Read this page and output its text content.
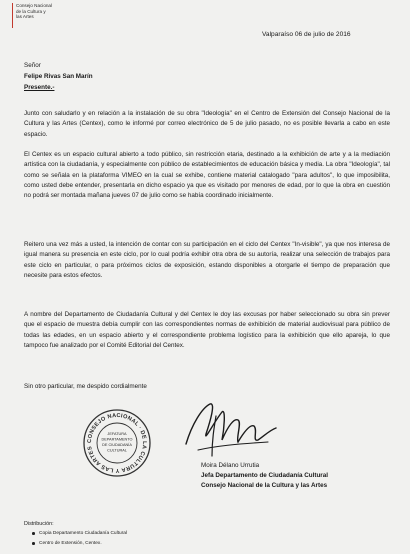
Consejo Nacional
de la Cultura y
las Artes
Valparaíso 06 de julio de 2016
Señor
Felipe Rivas San Marín
Presente.-

Junto con saludarlo y en relación a la instalación de su obra "Ideología" en el Centro de Extensión del Consejo Nacional de la Cultura y las Artes (Centex), como le informé por correo electrónico de 5 de julio pasado, no es posible llevarla a cabo en este espacio.

El Centex es un espacio cultural abierto a todo público, sin restricción etaria, destinado a la exhibición de arte y a la mediación artística con la ciudadanía, y especialmente con público de establecimientos de educación básica y media. La obra "Ideología", tal como se señala en la plataforma VIMEO en la cual se exhibe, contiene material catalogado "para adultos", lo que imposibilita, como usted debe entender, presentarla en dicho espacio ya que es visitado por menores de edad, por lo que la obra en cuestión no podrá ser montada mañana jueves 07 de julio como se había coordinado inicialmente.

Reitero una vez más a usted, la intención de contar con su participación en el ciclo del Centex "In-visible", ya que nos interesa de igual manera su presencia en este ciclo, por lo cual podría exhibir otra obra de su autoría, realizar una selección de trabajos para este ciclo en particular, o para próximos ciclos de exposición, estando disponibles a otorgarle el tiempo de preparación que necesite para estos efectos.

A nombre del Departamento de Ciudadanía Cultural y del Centex le doy las excusas por haber seleccionado su obra sin prever que el espacio de muestra debía cumplir con las correspondientes normas de exhibición de material audiovisual para público de todas las edades, en un espacio abierto y el correspondiente problema logístico para la exhibición que ello apareja, lo que tampoco fue analizado por el Comité Editorial del Centex.

Sin otro particular, me despido cordialmente
CONSEJO NACIONAL · DE LA CULTURA Y LAS ARTES
JEFATURA
DEPARTAMENTO
DE CIUDADANÍA
CULTURAL
Moira Délano Urrutia
Jefa Departamento de Ciudadanía Cultural
Consejo Nacional de la Cultura y las Artes
Distribución:
Copia Departamento Ciudadanía Cultural
Centro de Extensión, Centex.
